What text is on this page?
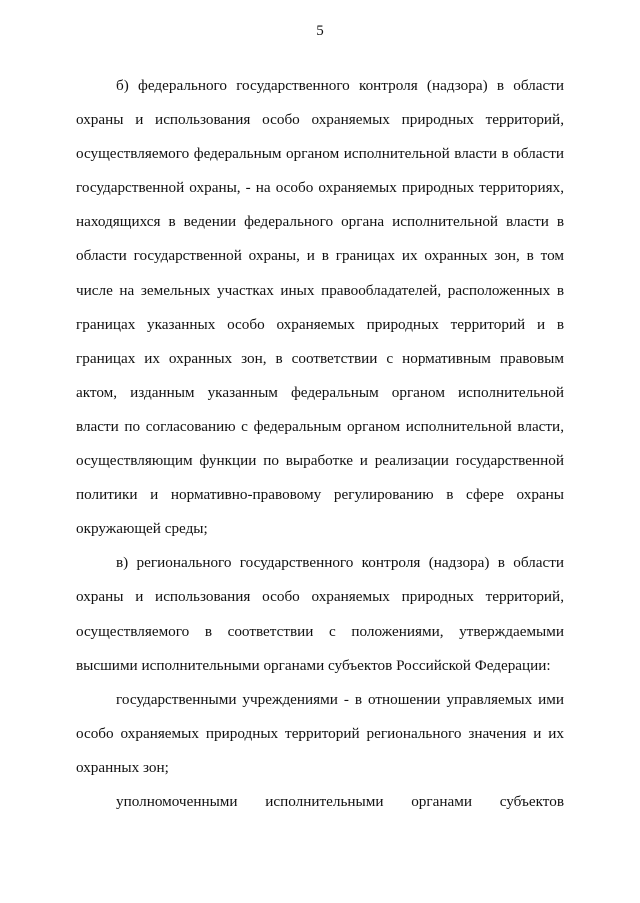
5

б) федерального государственного контроля (надзора) в области охраны и использования особо охраняемых природных территорий, осуществляемого федеральным органом исполнительной власти в области государственной охраны, - на особо охраняемых природных территориях, находящихся в ведении федерального органа исполнительной власти в области государственной охраны, и в границах их охранных зон, в том числе на земельных участках иных правообладателей, расположенных в границах указанных особо охраняемых природных территорий и в границах их охранных зон, в соответствии с нормативным правовым актом, изданным указанным федеральным органом исполнительной власти по согласованию с федеральным органом исполнительной власти, осуществляющим функции по выработке и реализации государственной политики и нормативно-правовому регулированию в сфере охраны окружающей среды;

в) регионального государственного контроля (надзора) в области охраны и использования особо охраняемых природных территорий, осуществляемого в соответствии с положениями, утверждаемыми высшими исполнительными органами субъектов Российской Федерации:

государственными учреждениями - в отношении управляемых ими особо охраняемых природных территорий регионального значения и их охранных зон;

уполномоченными исполнительными органами субъектов
